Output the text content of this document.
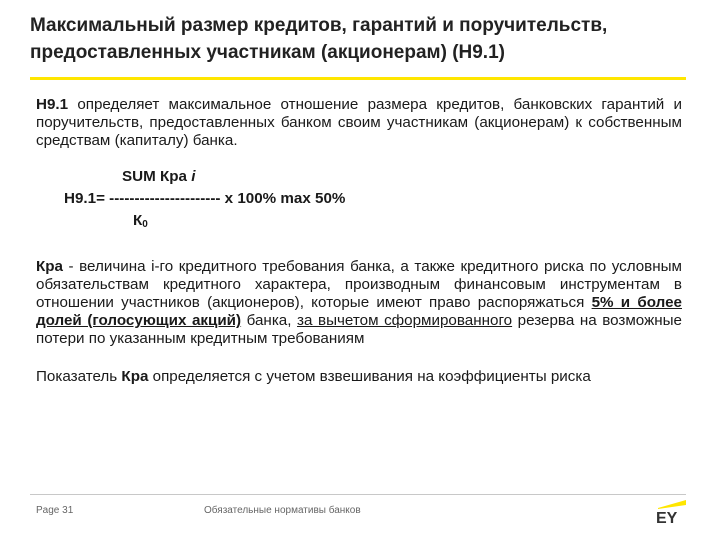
Максимальный размер кредитов, гарантий и поручительств, предоставленных участникам (акционерам) (Н9.1)

Н9.1 определяет максимальное отношение размера кредитов, банковских гарантий и поручительств, предоставленных банком своим участникам (акционерам) к собственным средствам (капиталу) банка.

SUM Кра i
Н9.1= ---------------------- х 100% max 50%
$К_0$

Кра - величина i-го кредитного требования банка, а также кредитного риска по условным обязательствам кредитного характера, производным финансовым инструментам в отношении участников (акционеров), которые имеют право распоряжаться 5% и более долей (голосующих акций) банка, за вычетом сформированного резерва на возможные потери по указанным кредитным требованиям

Показатель Кра определяется с учетом взвешивания на коэффициенты риска

Page 31	Обязательные нормативы банков	EY
